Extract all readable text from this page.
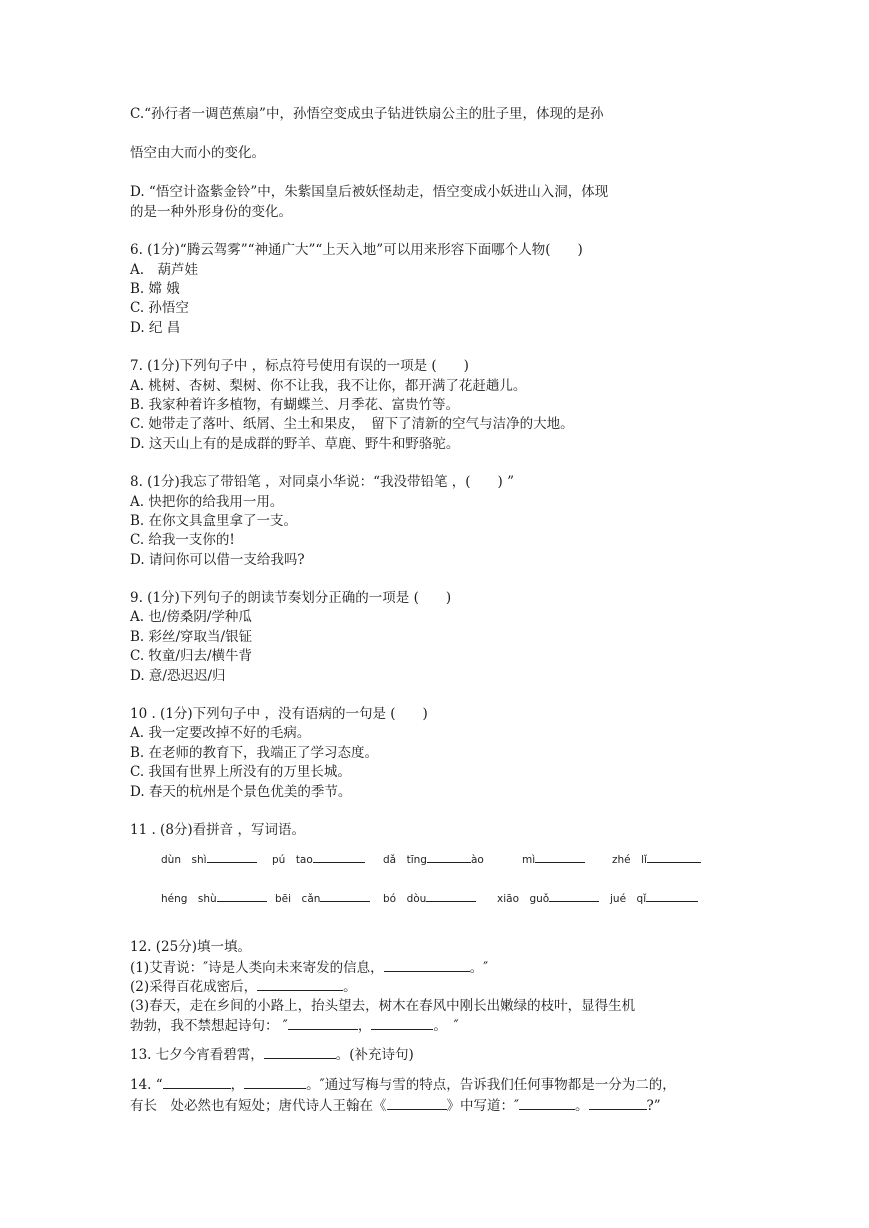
C.“孙行者一调芭蕉扇”中，孙悟空变成虫子钻进铁扇公主的肚子里，体现的是孙
悟空由大而小的变化。
D. “悟空计盗紫金铃”中，朱紫国皇后被妖怪劫走，悟空变成小妖进山入洞，体现
的是一种外形身份的变化。
6. (1分)“腾云驾雾”“神通广大”“上天入地”可以用来形容下面哪个人物(　　)
A.　葫芦娃
B. 嫦 娥
C. 孙悟空
D. 纪 昌
7. (1分)下列句子中 ，标点符号使用有误的一项是 (　　)
A. 桃树、杏树、梨树、你不让我，我不让你，都开满了花赶趟儿。
B. 我家种着许多植物，有蝴蝶兰、月季花、富贵竹等。
C. 她带走了落叶、纸屑、尘土和果皮，　留下了清新的空气与洁净的大地。
D. 这天山上有的是成群的野羊、草鹿、野牛和野骆驼。
8. (1分)我忘了带铅笔 ，对同桌小华说：“我没带铅笔 ，(　　) ”
A. 快把你的给我用一用。
B. 在你文具盒里拿了一支。
C. 给我一支你的!
D. 请问你可以借一支给我吗?
9. (1分)下列句子的朗读节奏划分正确的一项是 (　　)
A. 也/傍桑阴/学种瓜
B. 彩丝/穿取当/银钲
C. 牧童/归去/横牛背
D. 意/恐迟迟/归
10 . (1分)下列句子中 ，没有语病的一句是 (　　)
A. 我一定要改掉不好的毛病。
B. 在老师的教育下，我端正了学习态度。
C. 我国有世界上所没有的万里长城。
D. 春天的杭州是个景色优美的季节。
11 . (8分)看拼音 ，写词语。
dùn　shì	pú　tao	dǎ　tīng	ào	mì	zhé　lǐ
héng　shù	bēi　cǎn	bó　dòu	xiāo　guǒ	jué　qǐ
12. (25分)填一填。
(1)艾青说：″诗是人类向未来寄发的信息，	。″
(2)采得百花成密后，	。
(3)春天，走在乡间的小路上，抬头望去，树木在春风中刚长出嫩绿的枝叶，显得生机
勃勃，我不禁想起诗句： ″	，	。　″
13. 七夕今宵看碧霄，	。(补充诗句)
14. “	，	。″通过写梅与雪的特点，告诉我们任何事物都是一分为二的，
有长　处必然也有短处；唐代诗人王翰在《	》中写道：″	。	?”
